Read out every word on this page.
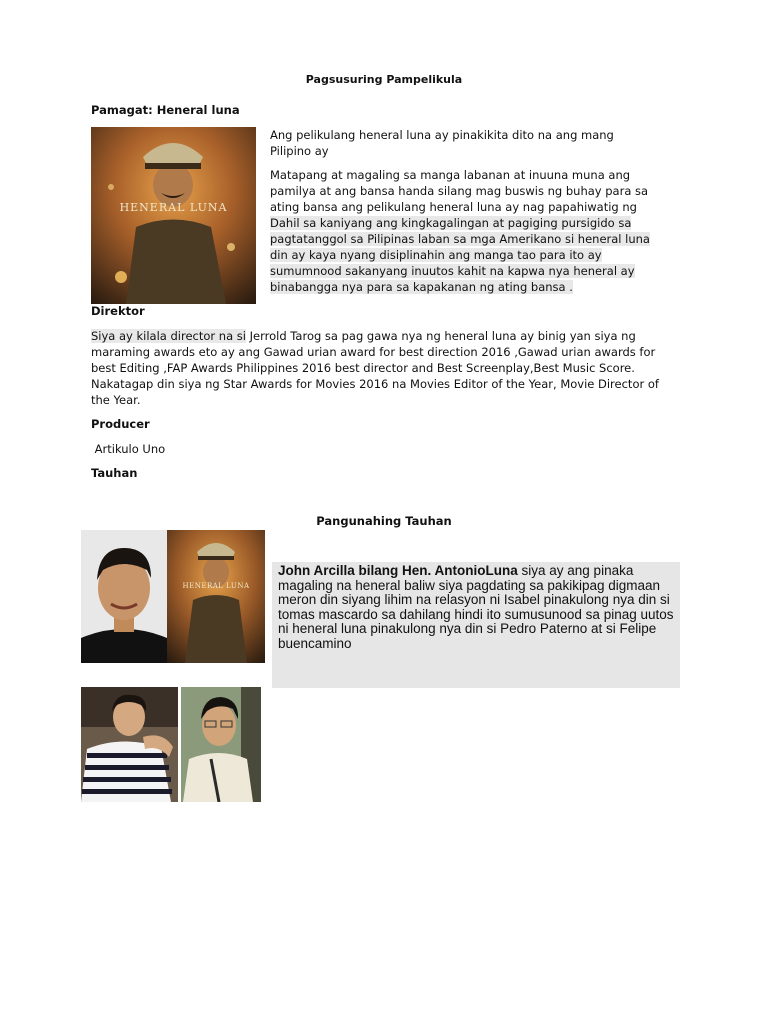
Pagsusuring Pampelikula
Pamagat: Heneral luna
HENERAL LUNA
Ang pelikulang heneral luna ay pinakikita dito na ang mang Pilipino ay
Matapang at magaling sa manga labanan at inuuna muna ang pamilya at ang bansa handa silang mag buswis ng buhay para sa ating bansa ang pelikulang heneral luna ay nag papahiwatig ng Dahil sa kaniyang ang kingkagalingan at pagiging pursigido sa pagtatanggol sa Pilipinas laban sa mga Amerikano si heneral luna din ay kaya nyang disiplinahin ang manga tao para ito ay sumumnood sakanyang inuutos kahit na kapwa nya heneral ay binabangga nya para sa kapakanan ng ating bansa .
Direktor
Siya ay kilala director na si Jerrold Tarog sa pag gawa nya ng heneral luna ay binig yan siya ng maraming awards eto ay ang Gawad urian award for best direction 2016 ,Gawad urian awards for best Editing ,FAP Awards Philippines 2016 best director and Best Screenplay,Best Music Score. Nakatagap din siya ng Star Awards for Movies 2016 na Movies Editor of the Year, Movie Director of the Year.
Producer
Artikulo Uno
Tauhan
Pangunahing Tauhan
HENERAL LUNA
John Arcilla bilang Hen. AntonioLuna siya ay ang pinaka magaling na heneral baliw siya pagdating sa pakikipag digmaan meron din siyang lihim na relasyon ni Isabel pinakulong nya din si tomas mascardo sa dahilang hindi ito sumusunood sa pinag uutos ni heneral luna pinakulong nya din si Pedro Paterno at si Felipe buencamino
